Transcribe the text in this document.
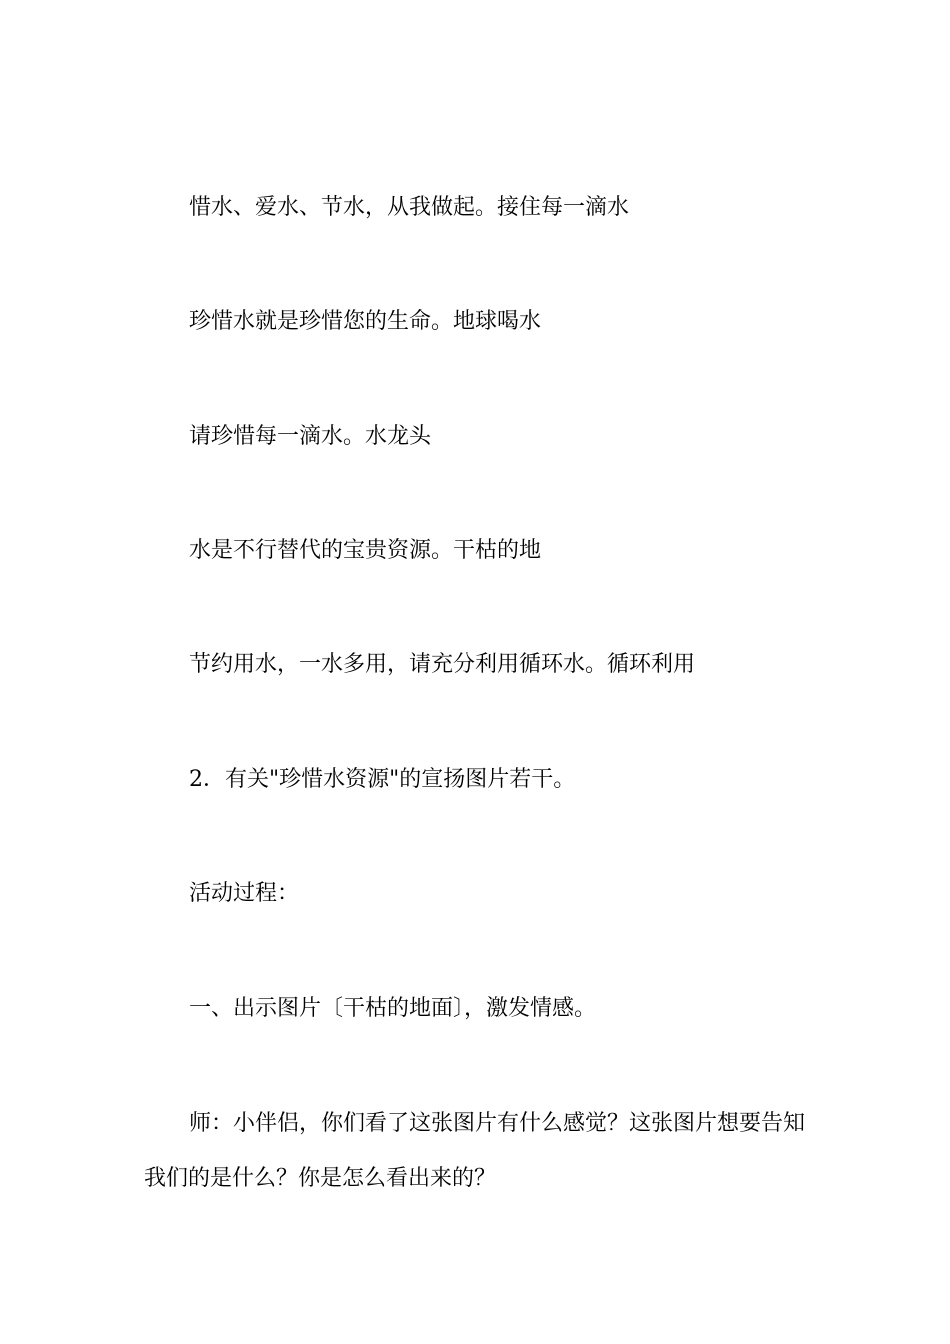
惜水、爱水、节水，从我做起。接住每一滴水

珍惜水就是珍惜您的生命。地球喝水

请珍惜每一滴水。水龙头

水是不行替代的宝贵资源。干枯的地

节约用水，一水多用，请充分利用循环水。循环利用

2．有关"珍惜水资源"的宣扬图片若干。

活动过程：

一、出示图片〔干枯的地面〕，激发情感。

师：小伴侣，你们看了这张图片有什么感觉？这张图片想要告知我们的是什么？你是怎么看出来的？
